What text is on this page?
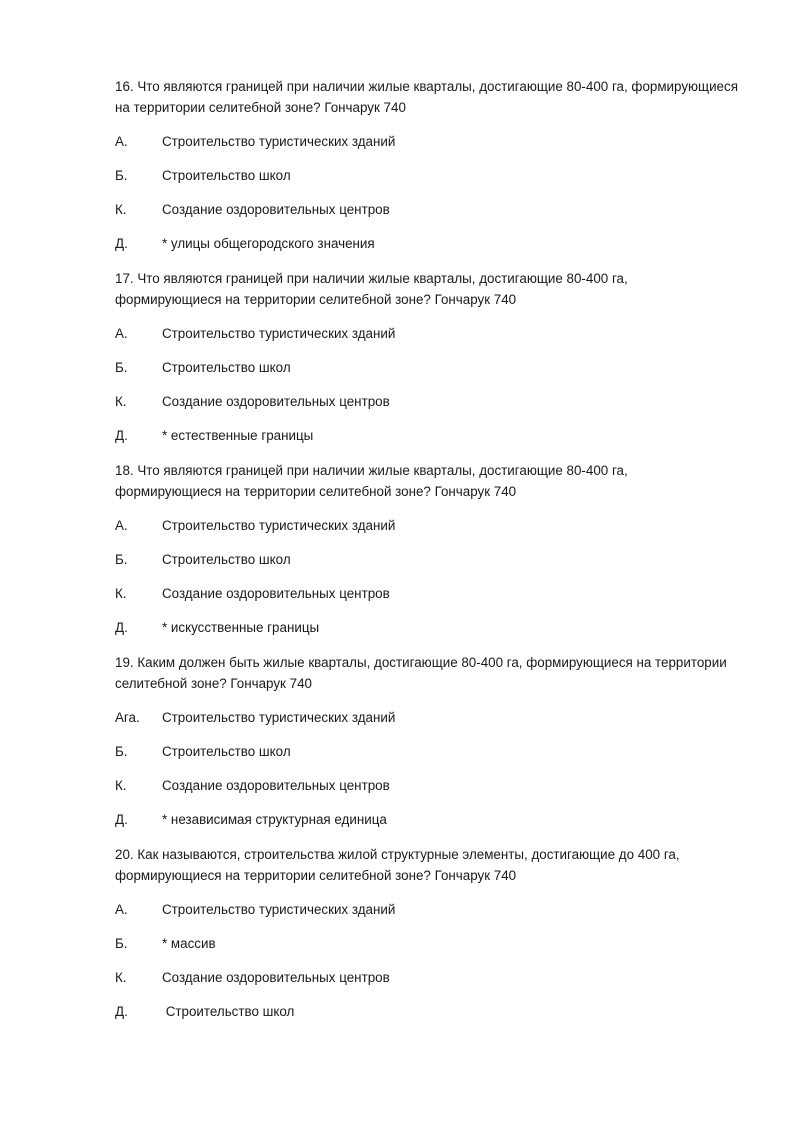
16. Что являются границей при наличии жилые кварталы, достигающие 80-400 га, формирующиеся на территории селитебной зоне? Гончарук 740

А.	Строительство туристических зданий
Б.	Строительство школ
К.	Создание оздоровительных центров
Д.	* улицы общегородского значения

17. Что являются границей при наличии жилые кварталы, достигающие 80-400 га, формирующиеся на территории селитебной зоне? Гончарук 740

А.	Строительство туристических зданий
Б.	Строительство школ
К.	Создание оздоровительных центров
Д.	* естественные границы

18. Что являются границей при наличии жилые кварталы, достигающие 80-400 га, формирующиеся на территории селитебной зоне? Гончарук 740

А.	Строительство туристических зданий
Б.	Строительство школ
К.	Создание оздоровительных центров
Д.	* искусственные границы

19. Каким должен быть жилые кварталы, достигающие 80-400 га, формирующиеся на территории селитебной зоне? Гончарук 740

Ага.	Строительство туристических зданий
Б.	Строительство школ
К.	Создание оздоровительных центров
Д.	* независимая структурная единица

20. Как называются, строительства жилой структурные элементы, достигающие до 400 га, формирующиеся на территории селитебной зоне? Гончарук 740

А.	Строительство туристических зданий
Б.	* массив
К.	Создание оздоровительных центров
Д.	Строительство школ
